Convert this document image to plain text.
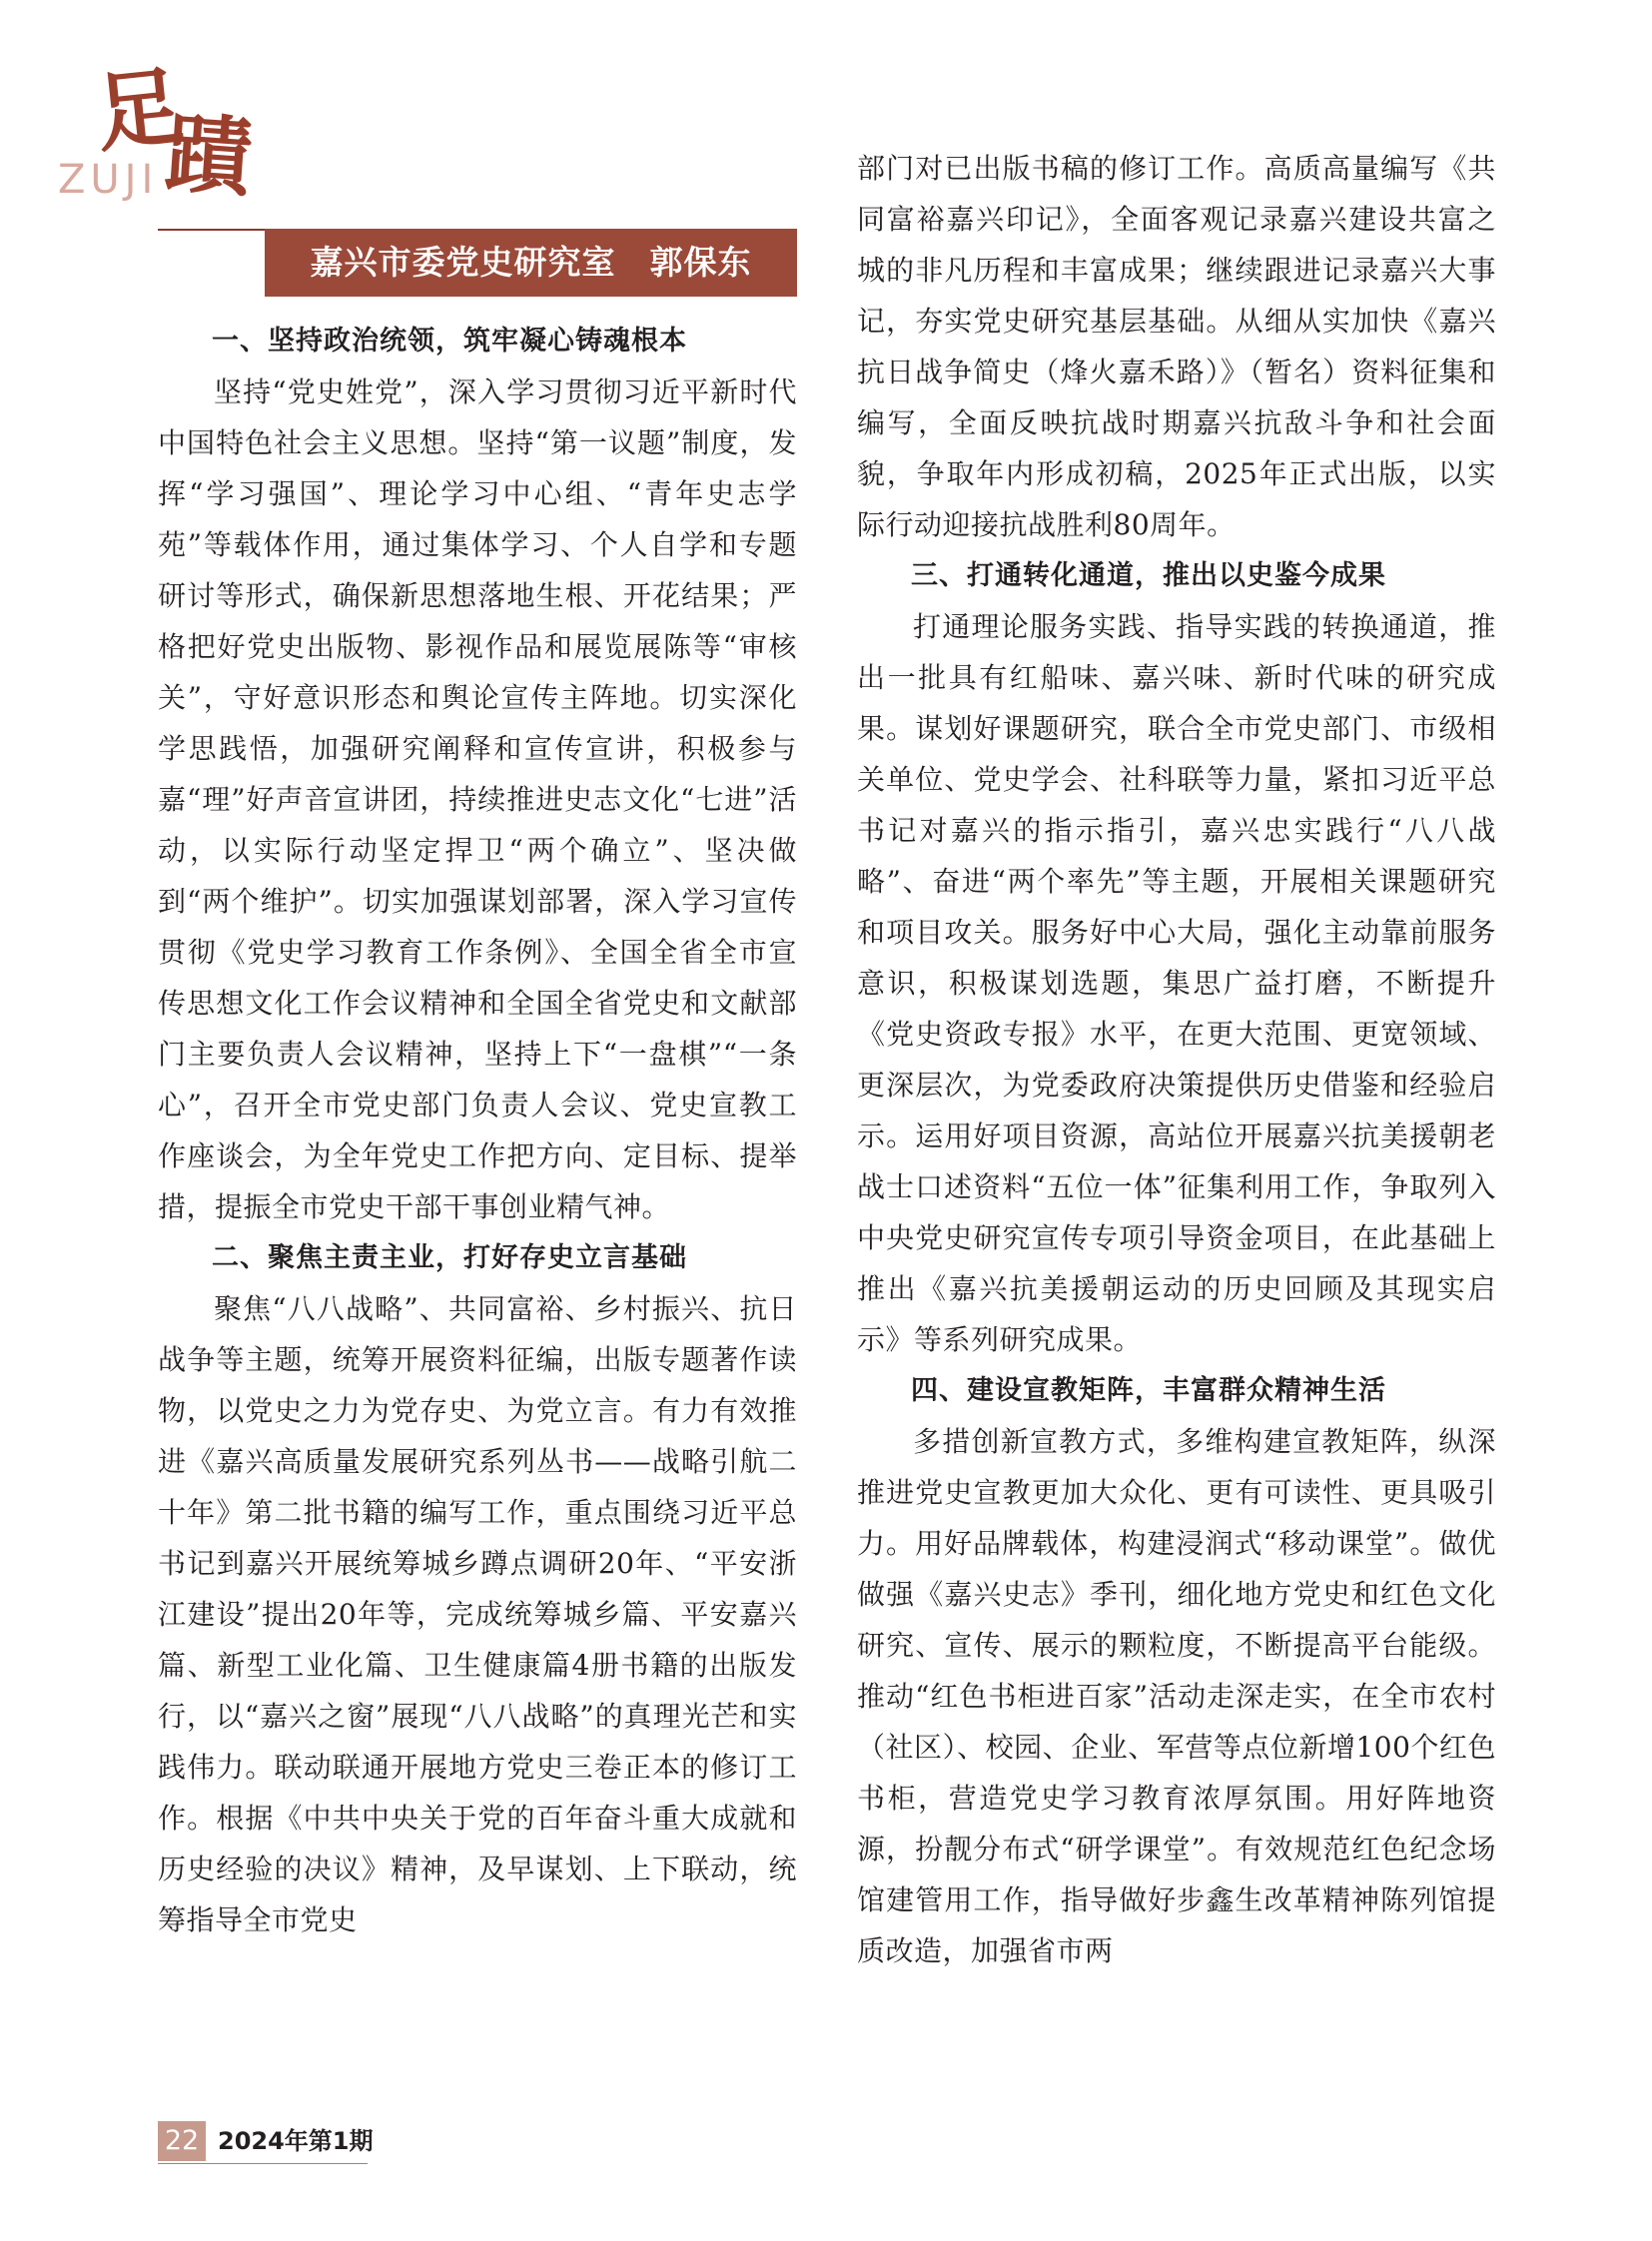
足
蹟
ZUJI
嘉兴市委党史研究室　郭保东
一、坚持政治统领，筑牢凝心铸魂根本

坚持“党史姓党”，深入学习贯彻习近平新时代中国特色社会主义思想。坚持“第一议题”制度，发挥“学习强国”、理论学习中心组、“青年史志学苑”等载体作用，通过集体学习、个人自学和专题研讨等形式，确保新思想落地生根、开花结果；严格把好党史出版物、影视作品和展览展陈等“审核关”，守好意识形态和舆论宣传主阵地。切实深化学思践悟，加强研究阐释和宣传宣讲，积极参与嘉“理”好声音宣讲团，持续推进史志文化“七进”活动，以实际行动坚定捍卫“两个确立”、坚决做到“两个维护”。切实加强谋划部署，深入学习宣传贯彻《党史学习教育工作条例》、全国全省全市宣传思想文化工作会议精神和全国全省党史和文献部门主要负责人会议精神，坚持上下“一盘棋”“一条心”，召开全市党史部门负责人会议、党史宣教工作座谈会，为全年党史工作把方向、定目标、提举措，提振全市党史干部干事创业精气神。

二、聚焦主责主业，打好存史立言基础

聚焦“八八战略”、共同富裕、乡村振兴、抗日战争等主题，统筹开展资料征编，出版专题著作读物，以党史之力为党存史、为党立言。有力有效推进《嘉兴高质量发展研究系列丛书——战略引航二十年》第二批书籍的编写工作，重点围绕习近平总书记到嘉兴开展统筹城乡蹲点调研20年、“平安浙江建设”提出20年等，完成统筹城乡篇、平安嘉兴篇、新型工业化篇、卫生健康篇4册书籍的出版发行，以“嘉兴之窗”展现“八八战略”的真理光芒和实践伟力。联动联通开展地方党史三卷正本的修订工作。根据《中共中央关于党的百年奋斗重大成就和历史经验的决议》精神，及早谋划、上下联动，统筹指导全市党史

部门对已出版书稿的修订工作。高质高量编写《共同富裕嘉兴印记》，全面客观记录嘉兴建设共富之城的非凡历程和丰富成果；继续跟进记录嘉兴大事记，夯实党史研究基层基础。从细从实加快《嘉兴抗日战争简史（烽火嘉禾路）》（暂名）资料征集和编写，全面反映抗战时期嘉兴抗敌斗争和社会面貌，争取年内形成初稿，2025年正式出版，以实际行动迎接抗战胜利80周年。

三、打通转化通道，推出以史鉴今成果

打通理论服务实践、指导实践的转换通道，推出一批具有红船味、嘉兴味、新时代味的研究成果。谋划好课题研究，联合全市党史部门、市级相关单位、党史学会、社科联等力量，紧扣习近平总书记对嘉兴的指示指引，嘉兴忠实践行“八八战略”、奋进“两个率先”等主题，开展相关课题研究和项目攻关。服务好中心大局，强化主动靠前服务意识，积极谋划选题，集思广益打磨，不断提升《党史资政专报》水平，在更大范围、更宽领域、更深层次，为党委政府决策提供历史借鉴和经验启示。运用好项目资源，高站位开展嘉兴抗美援朝老战士口述资料“五位一体”征集利用工作，争取列入中央党史研究宣传专项引导资金项目，在此基础上推出《嘉兴抗美援朝运动的历史回顾及其现实启示》等系列研究成果。

四、建设宣教矩阵，丰富群众精神生活

多措创新宣教方式，多维构建宣教矩阵，纵深推进党史宣教更加大众化、更有可读性、更具吸引力。用好品牌载体，构建浸润式“移动课堂”。做优做强《嘉兴史志》季刊，细化地方党史和红色文化研究、宣传、展示的颗粒度，不断提高平台能级。推动“红色书柜进百家”活动走深走实，在全市农村（社区）、校园、企业、军营等点位新增100个红色书柜，营造党史学习教育浓厚氛围。用好阵地资源，扮靓分布式“研学课堂”。有效规范红色纪念场馆建管用工作，指导做好步鑫生改革精神陈列馆提质改造，加强省市两

22 2024年第1期
